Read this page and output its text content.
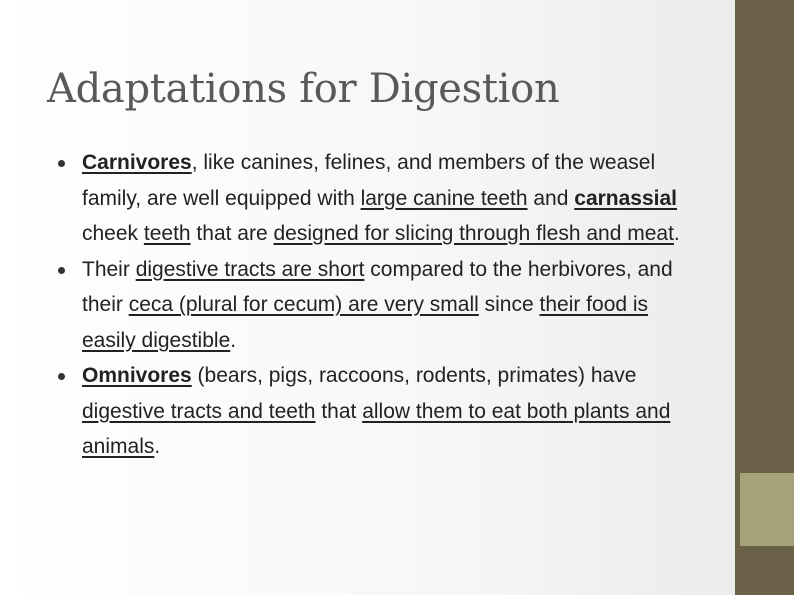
Adaptations for Digestion
Carnivores, like canines, felines, and members of the weasel family, are well equipped with large canine teeth and carnassial cheek teeth that are designed for slicing through flesh and meat.
Their digestive tracts are short compared to the herbivores, and their ceca (plural for cecum) are very small since their food is easily digestible.
Omnivores (bears, pigs, raccoons, rodents, primates) have digestive tracts and teeth that allow them to eat both plants and animals.
